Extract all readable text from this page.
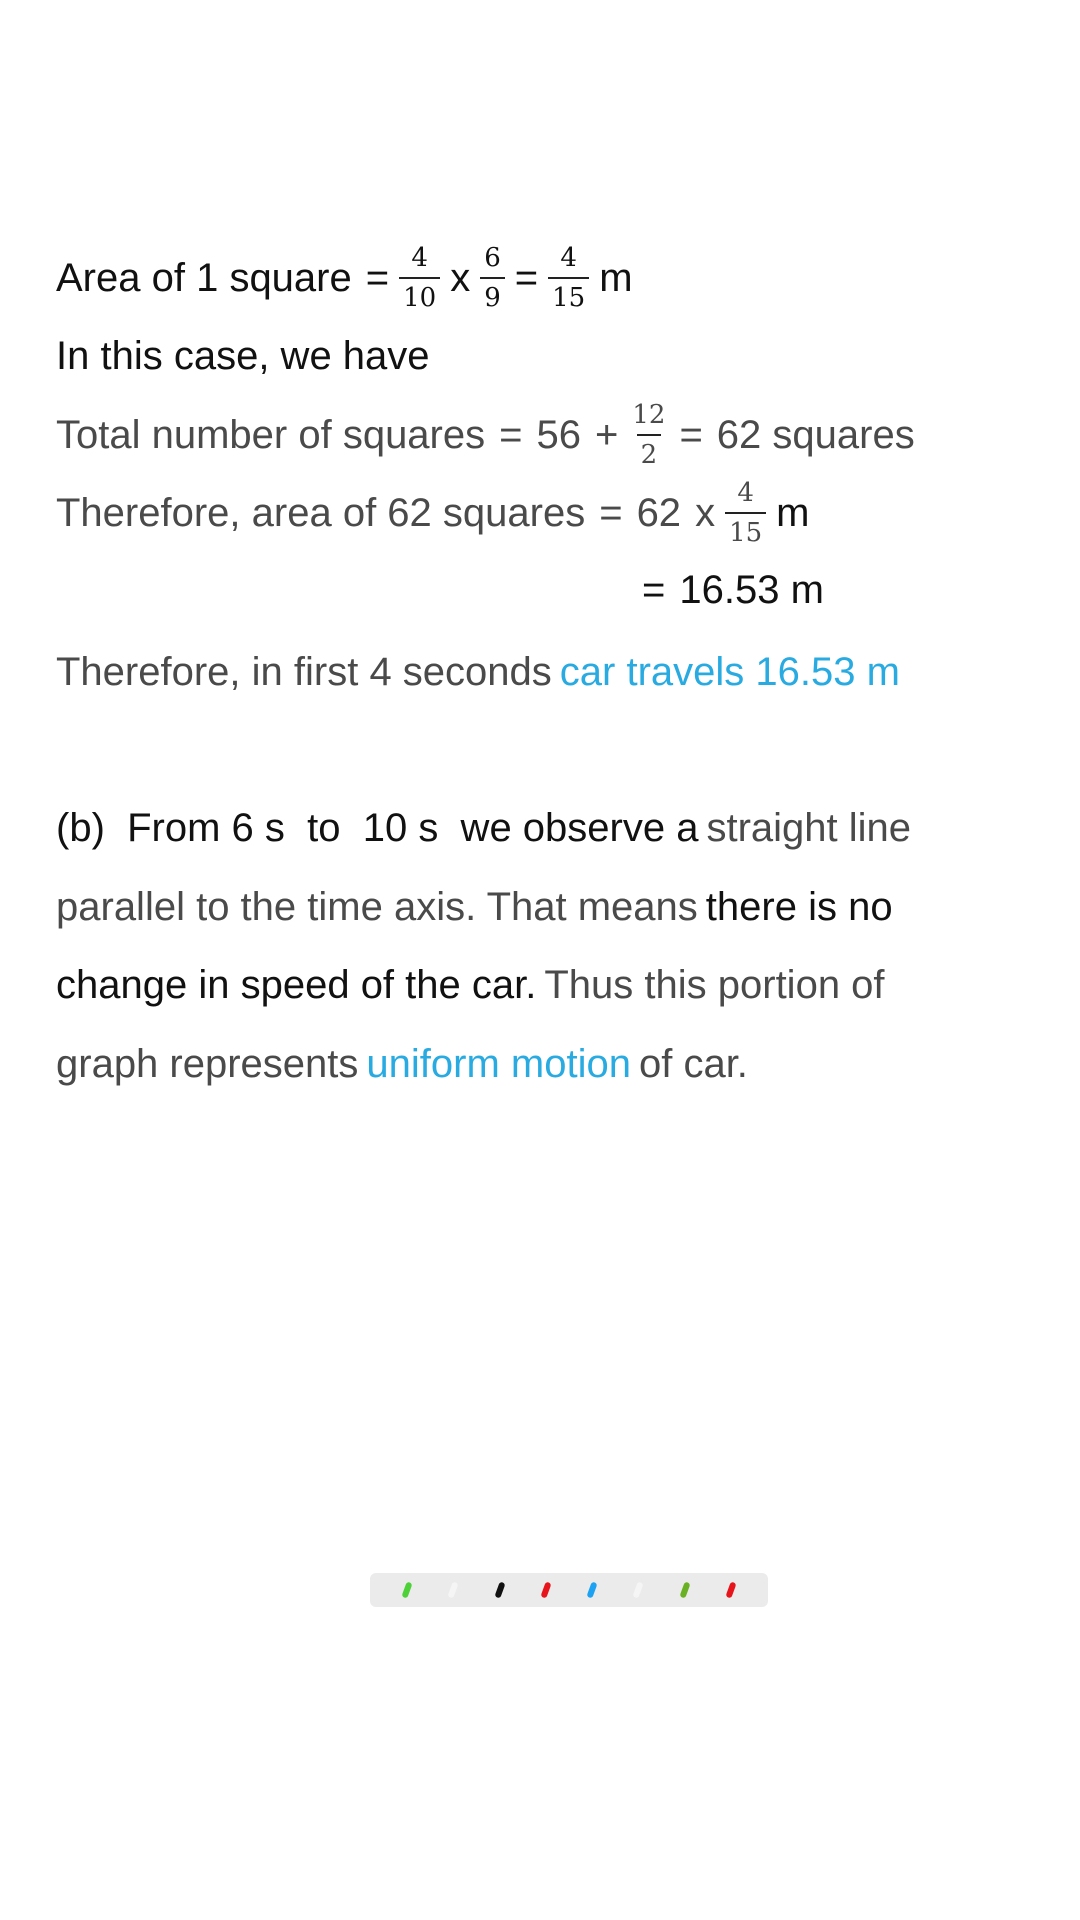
Area of 1 square = $\frac{4}{10}$ x $\frac{6}{9} = \frac{4}{15}$ m
In this case, we have
Total number of squares = $56 + \frac{12}{2} = 62$ squares
Therefore, area of 62 squares = 62 x $\frac{4}{15}$ m
= 16.53 m
Therefore, in first 4 seconds car travels 16.53 m
(b)  From 6 s  to  10 s  we observe a straight line
parallel to the time axis. That means there is no
change in speed of the car. Thus this portion of
graph represents uniform motion of car.
